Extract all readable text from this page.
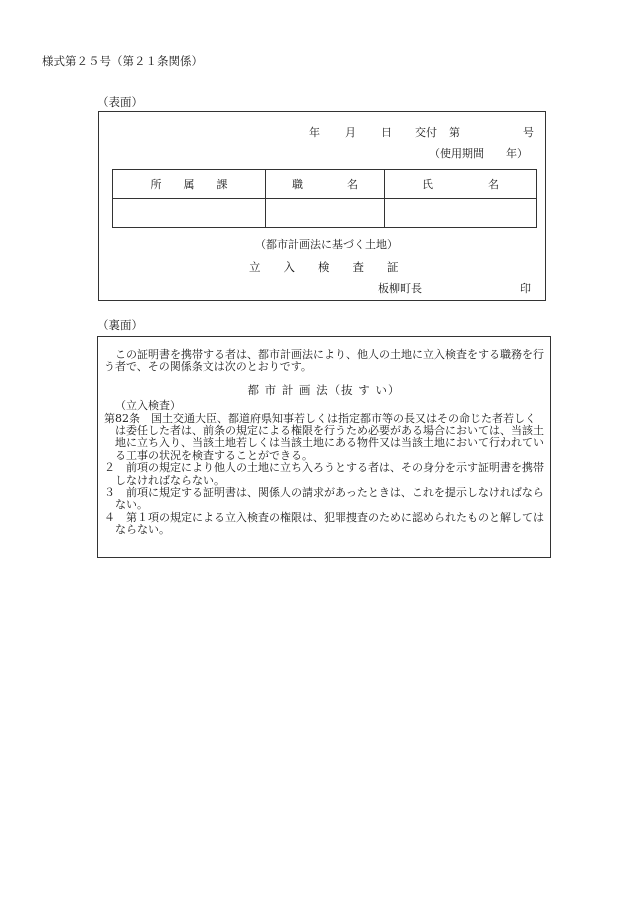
様式第２５号（第２１条関係）
（表面）
年 月 日 交付 第	号
（使用期間　　年）
所　　属　　課	職　　　　名	氏　　　　　名

（都市計画法に基づく土地）
立　　入　　検　　査　　証
板柳町長	印
（裏面）

この証明書を携帯する者は、都市計画法により、他人の土地に立入検査をする職務を行う者で、その関係条文は次のとおりです。

都 市 計 画 法（抜 す い）

（立入検査）

第82条　国土交通大臣、都道府県知事若しくは指定都市等の長又はその命じた者若しくは委任した者は、前条の規定による権限を行うため必要がある場合においては、当該土地に立ち入り、当該土地若しくは当該土地にある物件又は当該土地において行われている工事の状況を検査することができる。

２　前項の規定により他人の土地に立ち入ろうとする者は、その身分を示す証明書を携帯しなければならない。

３　前項に規定する証明書は、関係人の請求があったときは、これを提示しなければならない。

４　第１項の規定による立入検査の権限は、犯罪捜査のために認められたものと解してはならない。
